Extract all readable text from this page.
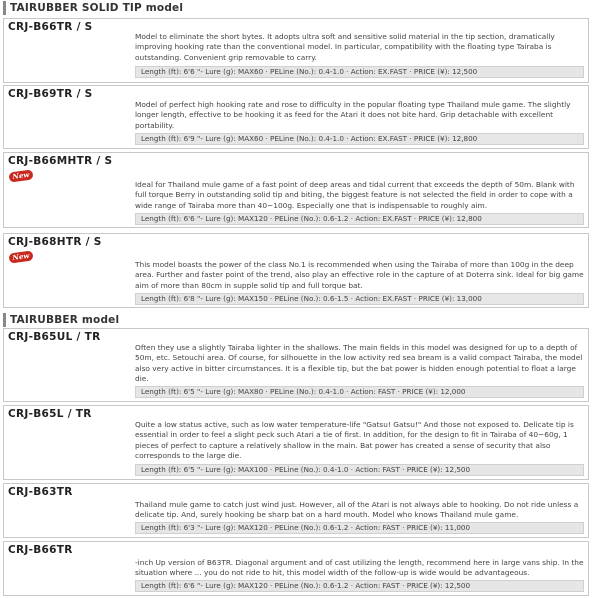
TAIRUBBER SOLID TIP model
CRJ-B66TR / S
Model to eliminate the short bytes. It adopts ultra soft and sensitive solid material in the tip section, dramatically improving hooking rate than the conventional model. In particular, compatibility with the floating type Tairaba is outstanding. Convenient grip removable to carry.
Length (ft): 6'6 "- Lure (g): MAX60 · PELine (No.): 0.4-1.0 · Action: EX.FAST · PRICE (¥): 12,500
CRJ-B69TR / S
Model of perfect high hooking rate and rose to difficulty in the popular floating type Thailand mule game. The slightly longer length, effective to be hooking it as feed for the Atari it does not bite hard. Grip detachable with excellent portability.
Length (ft): 6'9 "- Lure (g): MAX60 · PELine (No.): 0.4-1.0 · Action: EX.FAST · PRICE (¥): 12,800
CRJ-B66MHTR / S
New
Ideal for Thailand mule game of a fast point of deep areas and tidal current that exceeds the depth of 50m. Blank with full torque Berry in outstanding solid tip and biting, the biggest feature is not selected the field in order to cope with a wide range of Tairaba more than 40~100g. Especially one that is indispensable to roughly aim.
Length (ft): 6'6 "- Lure (g): MAX120 · PELine (No.): 0.6-1.2 · Action: EX.FAST · PRICE (¥): 12,800
CRJ-B68HTR / S
New
This model boasts the power of the class No.1 is recommended when using the Tairaba of more than 100g in the deep area. Further and faster point of the trend, also play an effective role in the capture of at Doterra sink. Ideal for big game aim of more than 80cm in supple solid tip and full torque bat.
Length (ft): 6'8 "- Lure (g): MAX150 · PELine (No.): 0.6-1.5 · Action: EX.FAST · PRICE (¥): 13,000
TAIRUBBER model
CRJ-B65UL / TR
Often they use a slightly Tairaba lighter in the shallows. The main fields in this model was designed for up to a depth of 50m, etc. Setouchi area. Of course, for silhouette in the low activity red sea bream is a valid compact Tairaba, the model also very active in bitter circumstances. It is a flexible tip, but the bat power is hidden enough potential to float a large die.
Length (ft): 6'5 "- Lure (g): MAX80 · PELine (No.): 0.4-1.0 · Action: FAST · PRICE (¥): 12,000
CRJ-B65L / TR
Quite a low status active, such as low water temperature-life "Gatsu! Gatsu!" And those not exposed to. Delicate tip is essential in order to feel a slight peck such Atari a tie of first. In addition, for the design to fit in Tairaba of 40~60g, 1 pieces of perfect to capture a relatively shallow in the main. Bat power has created a sense of security that also corresponds to the large die.
Length (ft): 6'5 "- Lure (g): MAX100 · PELine (No.): 0.4-1.0 · Action: FAST · PRICE (¥): 12,500
CRJ-B63TR
Thailand mule game to catch just wind just. However, all of the Atari is not always able to hooking. Do not ride unless a delicate tip. And, surely hooking be sharp bat on a hard mouth. Model who knows Thailand mule game.
Length (ft): 6'3 "- Lure (g): MAX120 · PELine (No.): 0.6-1.2 · Action: FAST · PRICE (¥): 11,000
CRJ-B66TR
-inch Up version of B63TR. Diagonal argument and of cast utilizing the length, recommend here in large vans ship. In the situation where ... you do not ride to hit, this model width of the follow-up is wide would be advantageous.
Length (ft): 6'6 "- Lure (g): MAX120 · PELine (No.): 0.6-1.2 · Action: FAST · PRICE (¥): 12,500
